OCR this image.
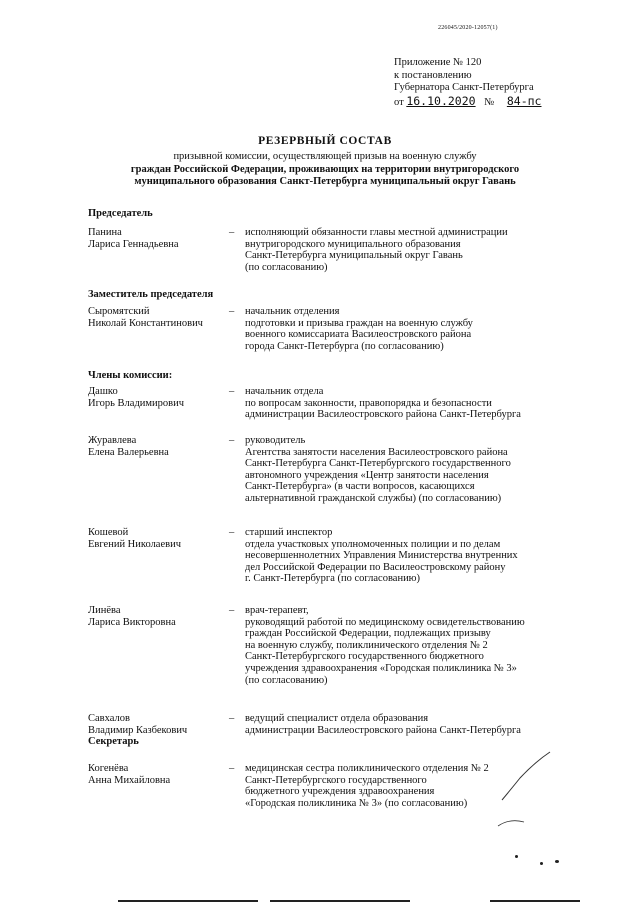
226045/2020-12057(1)
Приложение № 120
к постановлению
Губернатора Санкт-Петербурга
от 16.10.2020 № 84-пс
РЕЗЕРВНЫЙ СОСТАВ
призывной комиссии, осуществляющей призыв на военную службу
граждан Российской Федерации, проживающих на территории внутригородского
муниципального образования Санкт-Петербурга муниципальный округ Гавань
Председатель
Заместитель председателя
Члены комиссии:
Панина
Лариса Геннадьевна
– исполняющий обязанности главы местной администрации
внутригородского муниципального образования
Санкт-Петербурга муниципальный округ Гавань
(по согласованию)
Сыромятский
Николай Константинович
– начальник отделения
подготовки и призыва граждан на военную службу
военного комиссариата Василеостровского района
города Санкт-Петербурга (по согласованию)
Дашко
Игорь Владимирович
– начальник отдела
по вопросам законности, правопорядка и безопасности
администрации Василеостровского района Санкт-Петербурга
Журавлева
Елена Валерьевна
– руководитель
Агентства занятости населения Василеостровского района
Санкт-Петербурга Санкт-Петербургского государственного
автономного учреждения «Центр занятости населения
Санкт-Петербурга» (в части вопросов, касающихся
альтернативной гражданской службы) (по согласованию)
Кошевой
Евгений Николаевич
– старший инспектор
отдела участковых уполномоченных полиции и по делам
несовершеннолетних Управления Министерства внутренних
дел Российской Федерации по Василеостровскому району
г. Санкт-Петербурга (по согласованию)
Линёва
Лариса Викторовна
– врач-терапевт,
руководящий работой по медицинскому освидетельствованию
граждан Российской Федерации, подлежащих призыву
на военную службу, поликлинического отделения № 2
Санкт-Петербургского государственного бюджетного
учреждения здравоохранения «Городская поликлиника № 3»
(по согласованию)
Савхалов
Владимир Казбекович
Секретарь
– ведущий специалист отдела образования
администрации Василеостровского района Санкт-Петербурга
Когенёва
Анна Михайловна
– медицинская сестра поликлинического отделения № 2
Санкт-Петербургского государственного
бюджетного учреждения здравоохранения
«Городская поликлиника № 3» (по согласованию)
